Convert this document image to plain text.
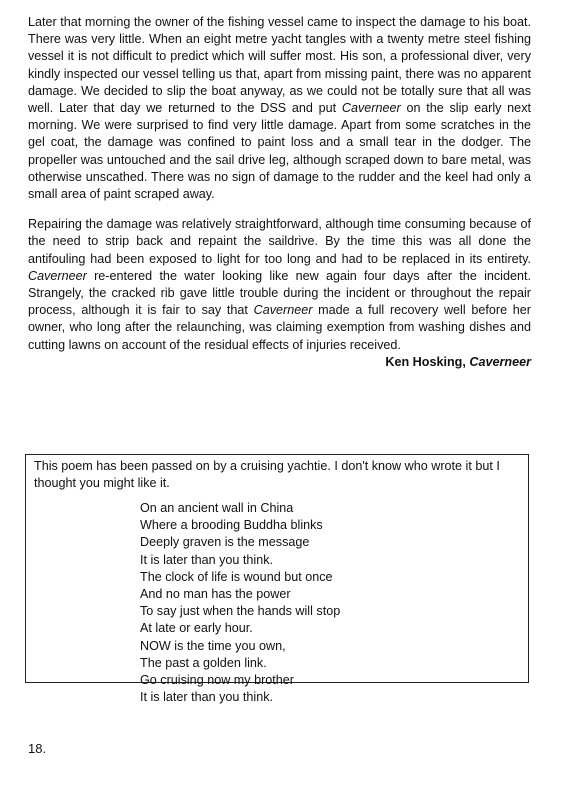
Later that morning the owner of the fishing vessel came to inspect the damage to his boat. There was very little. When an eight metre yacht tangles with a twenty metre steel fishing vessel it is not difficult to predict which will suffer most. His son, a professional diver, very kindly inspected our vessel telling us that, apart from missing paint, there was no apparent damage. We decided to slip the boat anyway, as we could not be totally sure that all was well. Later that day we returned to the DSS and put Caverneer on the slip early next morning. We were surprised to find very little damage. Apart from some scratches in the gel coat, the damage was confined to paint loss and a small tear in the dodger. The propeller was untouched and the sail drive leg, although scraped down to bare metal, was otherwise unscathed. There was no sign of damage to the rudder and the keel had only a small area of paint scraped away.

Repairing the damage was relatively straightforward, although time consuming because of the need to strip back and repaint the saildrive. By the time this was all done the antifouling had been exposed to light for too long and had to be replaced in its entirety. Caverneer re-entered the water looking like new again four days after the incident. Strangely, the cracked rib gave little trouble during the incident or throughout the repair process, although it is fair to say that Caverneer made a full recovery well before her owner, who long after the relaunching, was claiming exemption from washing dishes and cutting lawns on account of the residual effects of injuries received.

Ken Hosking, Caverneer

This poem has been passed on by a cruising yachtie. I don't know who wrote it but I thought you might like it.

On an ancient wall in China
Where a brooding Buddha blinks
Deeply graven is the message
It is later than you think.
The clock of life is wound but once
And no man has the power
To say just when the hands will stop
At late or early hour.
NOW is the time you own,
The past a golden link.
Go cruising now my brother
It is later than you think.
18.
